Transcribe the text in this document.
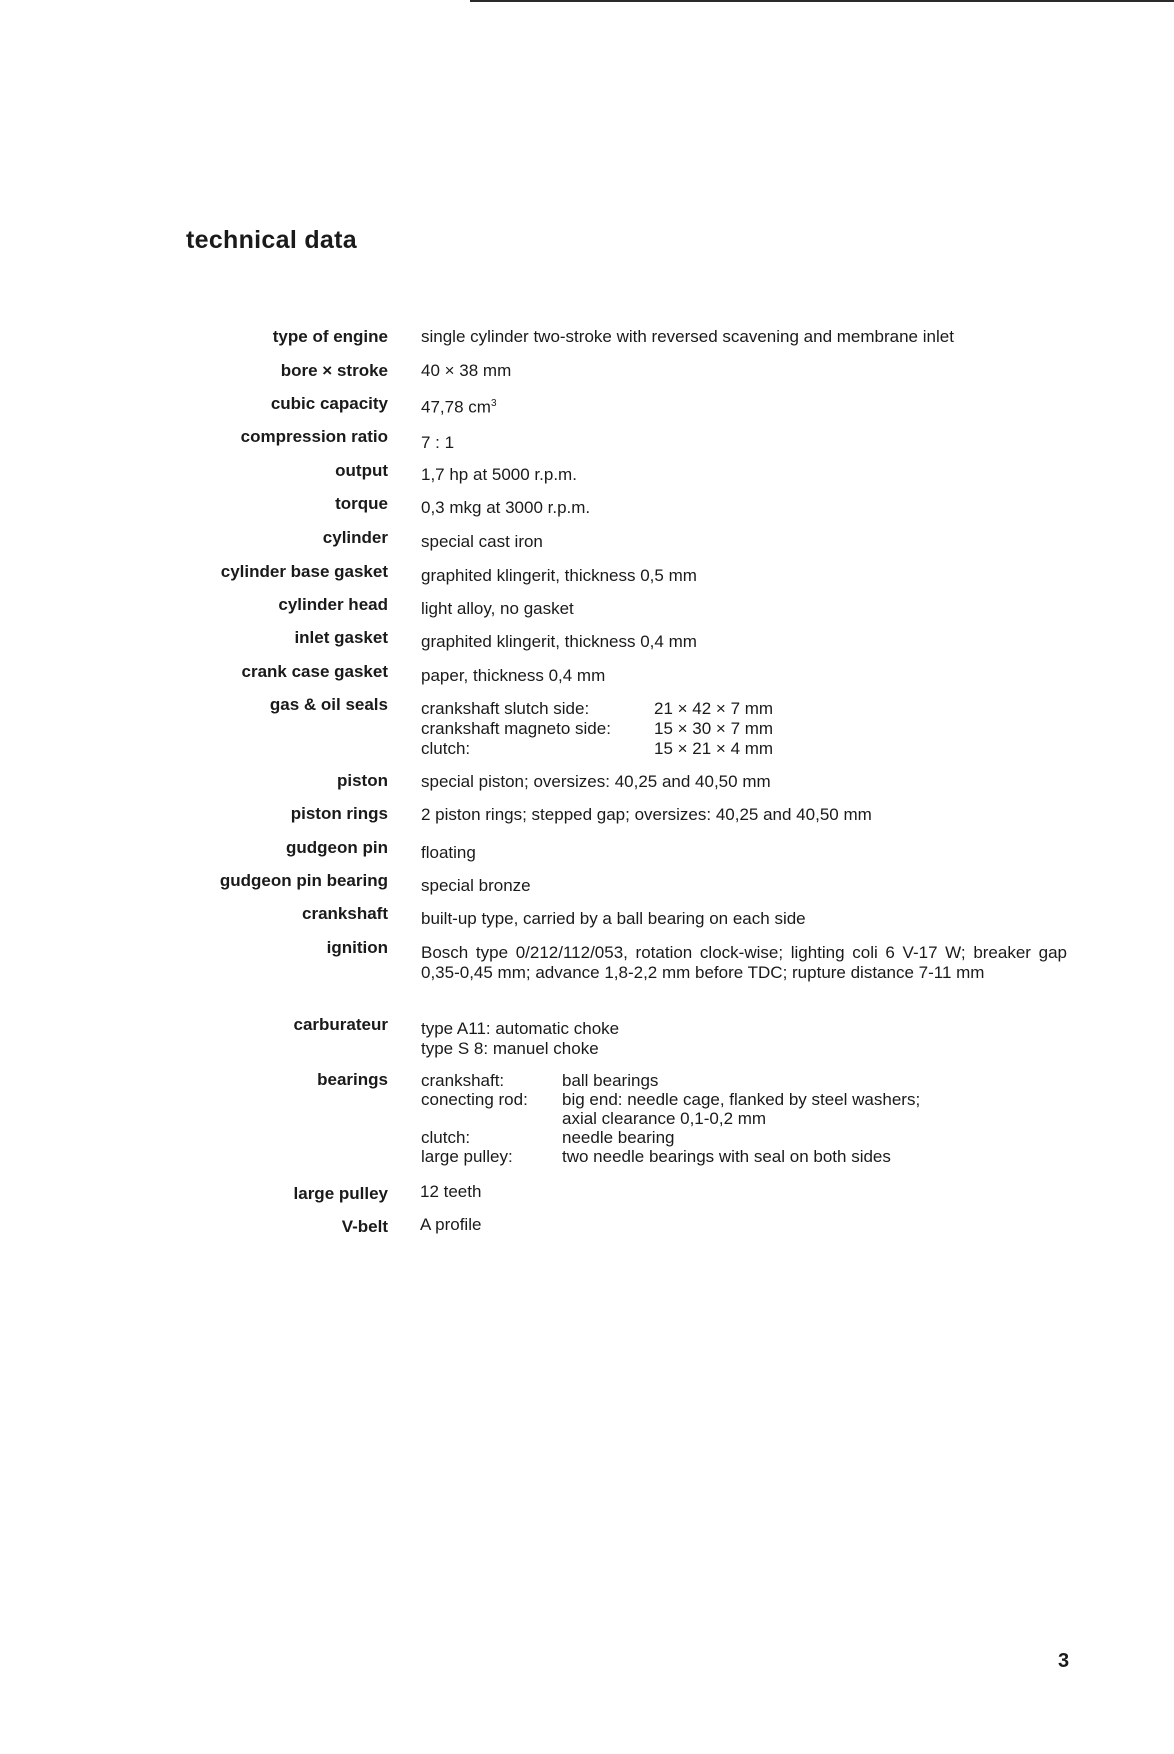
technical data
type of engine single cylinder two-stroke with reversed scavening and membrane inlet
bore × stroke 40 × 38 mm
cubic capacity 47,78 $cm^3$
compression ratio 7 : 1
output 1,7 hp at 5000 r.p.m.
torque 0,3 mkg at 3000 r.p.m.
cylinder special cast iron
cylinder base gasket graphited klingerit, thickness 0,5 mm
cylinder head light alloy, no gasket
inlet gasket graphited klingerit, thickness 0,4 mm
crank case gasket paper, thickness 0,4 mm
gas & oil seals crankshaft slutch side:	21 × 42 × 7 mm
crankshaft magneto side:	15 × 30 × 7 mm
clutch:	15 × 21 × 4 mm
piston special piston; oversizes: 40,25 and 40,50 mm
piston rings 2 piston rings; stepped gap; oversizes: 40,25 and 40,50 mm
gudgeon pin floating
gudgeon pin bearing special bronze
crankshaft built-up type, carried by a ball bearing on each side
ignition Bosch type 0/212/112/053, rotation clock-wise; lighting coli 6 V-17 W; breaker gap 0,35-0,45 mm; advance 1,8-2,2 mm before TDC; rupture distance 7-11 mm
carburateur type A11: automatic choke
type S 8: manuel choke
bearings crankshaft:	ball bearings
conecting rod: big end: needle cage, flanked by steel washers;
axial clearance 0,1-0,2 mm
clutch:	needle bearing
large pulley:	two needle bearings with seal on both sides
large pulley 12 teeth
V-belt A profile
3
